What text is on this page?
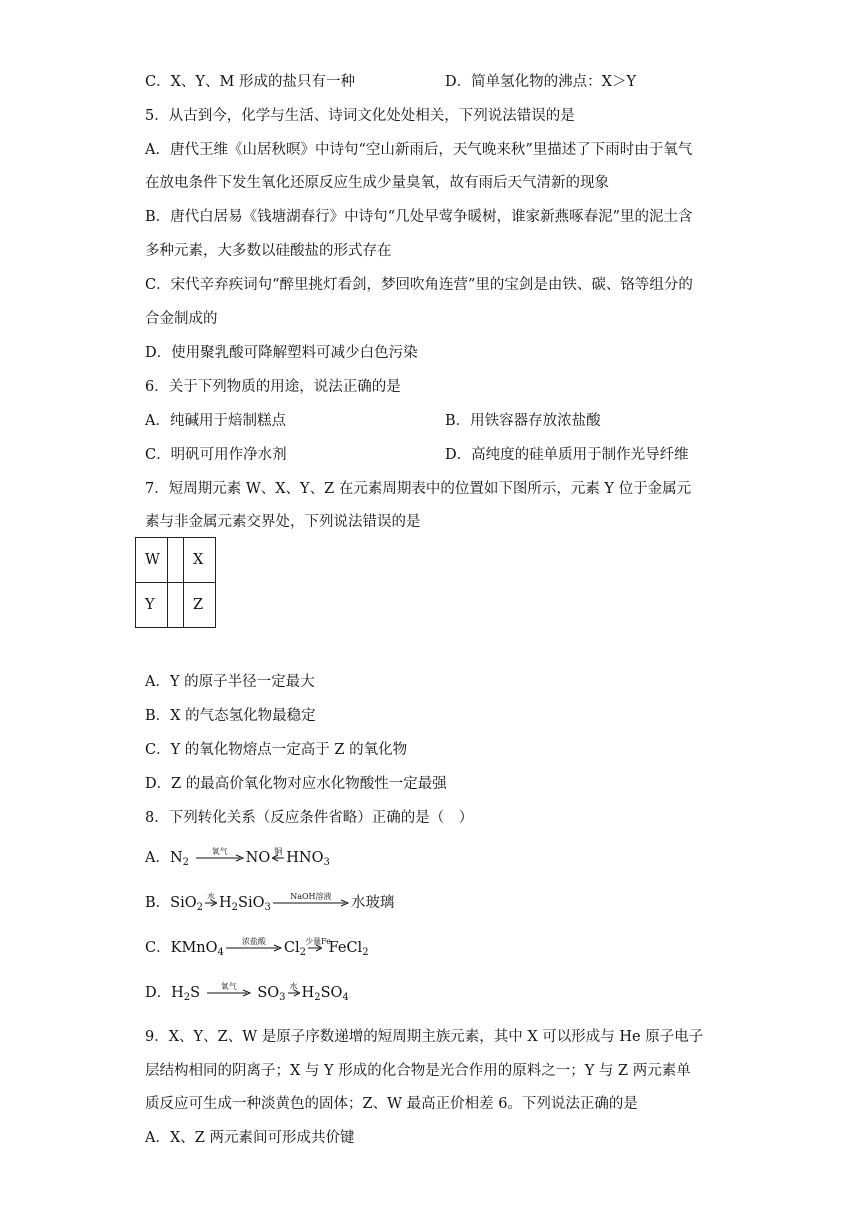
C．X、Y、M 形成的盐只有一种	D．简单氢化物的沸点：X＞Y
5．从古到今，化学与生活、诗词文化处处相关，下列说法错误的是
A．唐代王维《山居秋暝》中诗句“空山新雨后，天气晚来秋”里描述了下雨时由于氧气
在放电条件下发生氧化还原反应生成少量臭氧，故有雨后天气清新的现象
B．唐代白居易《钱塘湖春行》中诗句“几处早莺争暖树，谁家新燕啄春泥”里的泥土含
多种元素，大多数以硅酸盐的形式存在
C．宋代辛弃疾词句“醉里挑灯看剑，梦回吹角连营”里的宝剑是由铁、碳、铬等组分的
合金制成的
D．使用聚乳酸可降解塑料可减少白色污染
6．关于下列物质的用途，说法正确的是
A．纯碱用于焙制糕点	B．用铁容器存放浓盐酸
C．明矾可用作净水剂	D．高纯度的硅单质用于制作光导纤维
7．短周期元素 W、X、Y、Z 在元素周期表中的位置如下图所示，元素 Y 位于金属元
素与非金属元素交界处，下列说法错误的是
W		X
Y		Z
A．Y 的原子半径一定最大
B．X 的气态氢化物最稳定
C．Y 的氧化物熔点一定高于 Z 的氧化物
D．Z 的最高价氧化物对应水化物酸性一定最强
8．下列转化关系（反应条件省略）正确的是（　）
A．$N_2$
氧气	NO 铜 $HNO_3$
B．SiO$_2$
水 $H_2SiO_3$
NaOH溶液	水玻璃
C．KMnO$_4$
浓盐酸	$Cl_2$
少量Fe
FeCl$_2$
D．$H_2S$	氧气	$SO_3$
水 $H_2SO_4$
9．X、Y、Z、W 是原子序数递增的短周期主族元素，其中 X 可以形成与 He 原子电子
层结构相同的阴离子；X 与 Y 形成的化合物是光合作用的原料之一；Y 与 Z 两元素单
质反应可生成一种淡黄色的固体；Z、W 最高正价相差 6。下列说法正确的是
A．X、Z 两元素间可形成共价键
